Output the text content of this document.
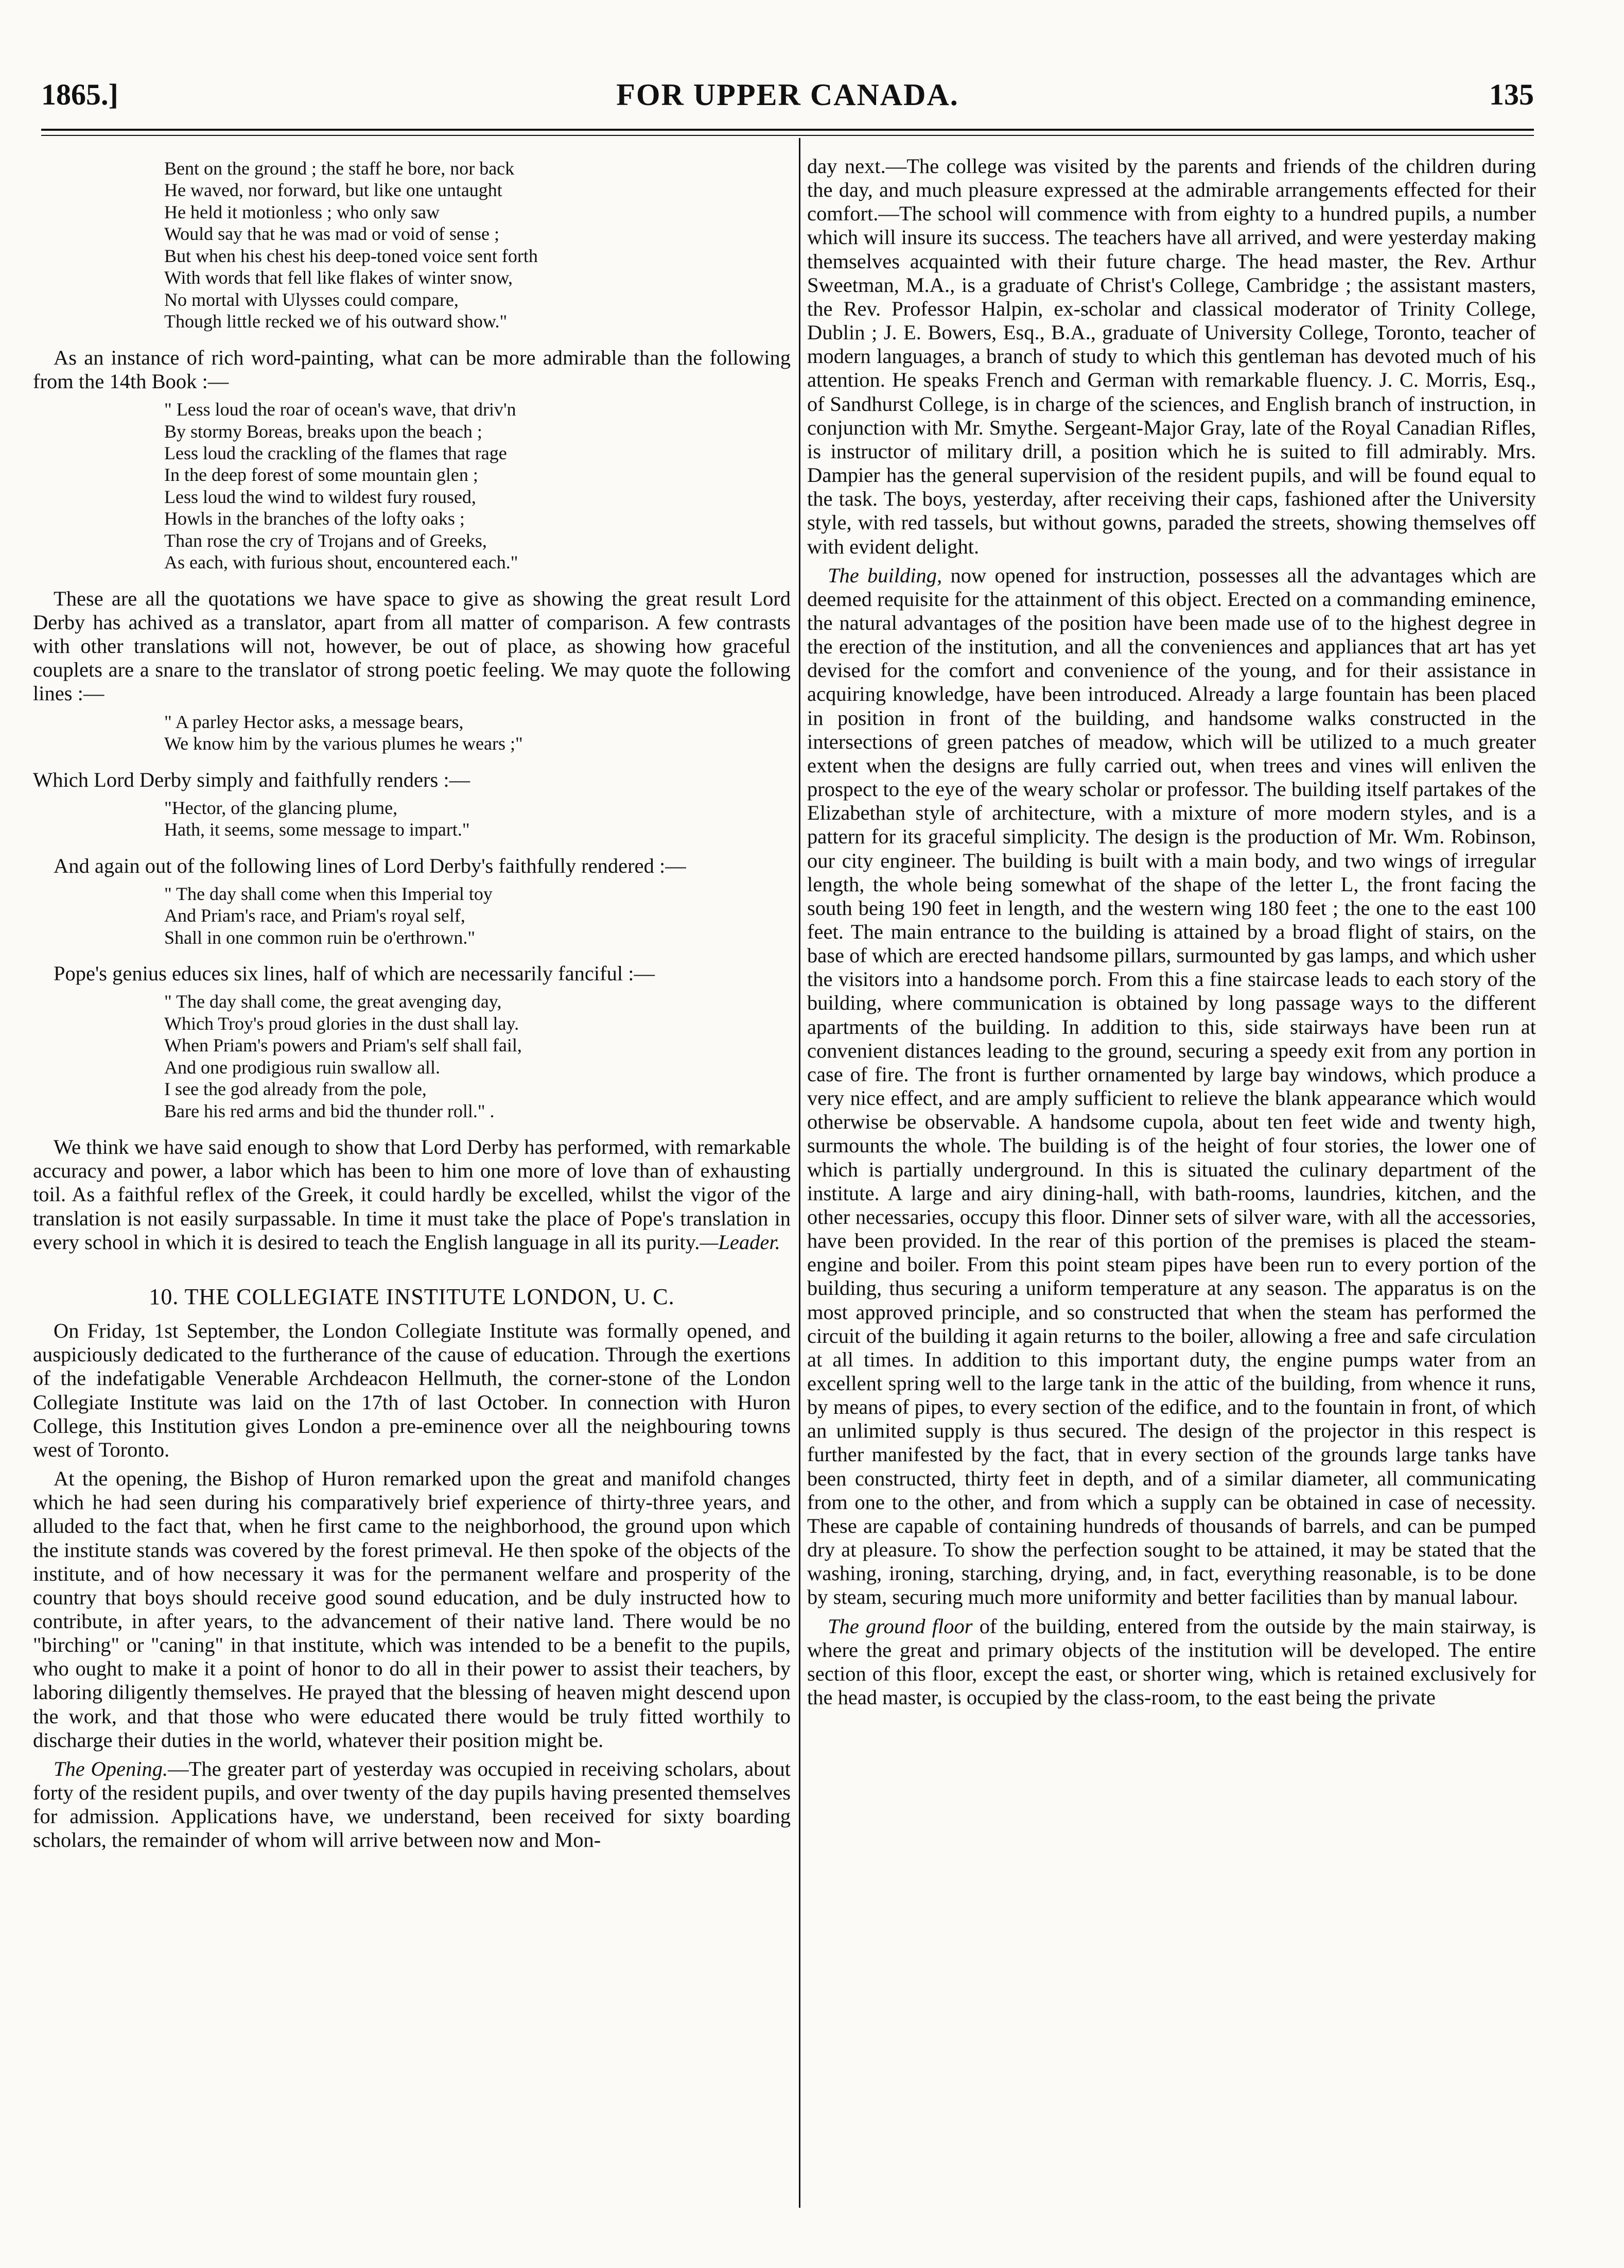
1865.]	FOR UPPER CANADA.	135
Bent on the ground ; the staff he bore, nor back
He waved, nor forward, but like one untaught
He held it motionless ; who only saw
Would say that he was mad or void of sense ;
But when his chest his deep-toned voice sent forth
With words that fell like flakes of winter snow,
No mortal with Ulysses could compare,
Though little recked we of his outward show."

As an instance of rich word-painting, what can be more admirable than the following from the 14th Book :—

" Less loud the roar of ocean's wave, that driv'n
By stormy Boreas, breaks upon the beach ;
Less loud the crackling of the flames that rage
In the deep forest of some mountain glen ;
Less loud the wind to wildest fury roused,
Howls in the branches of the lofty oaks ;
Than rose the cry of Trojans and of Greeks,
As each, with furious shout, encountered each."

These are all the quotations we have space to give as showing the great result Lord Derby has achived as a translator, apart from all matter of comparison. A few contrasts with other translations will not, however, be out of place, as showing how graceful couplets are a snare to the translator of strong poetic feeling. We may quote the following lines :—

" A parley Hector asks, a message bears,
We know him by the various plumes he wears ;"

Which Lord Derby simply and faithfully renders :—

"Hector, of the glancing plume,
Hath, it seems, some message to impart."

And again out of the following lines of Lord Derby's faithfully rendered :—

" The day shall come when this Imperial toy
And Priam's race, and Priam's royal self,
Shall in one common ruin be o'erthrown."

Pope's genius educes six lines, half of which are necessarily fanciful :—

" The day shall come, the great avenging day,
Which Troy's proud glories in the dust shall lay.
When Priam's powers and Priam's self shall fail,
And one prodigious ruin swallow all.
I see the god already from the pole,
Bare his red arms and bid the thunder roll." .

We think we have said enough to show that Lord Derby has performed, with remarkable accuracy and power, a labor which has been to him one more of love than of exhausting toil. As a faithful reflex of the Greek, it could hardly be excelled, whilst the vigor of the translation is not easily surpassable. In time it must take the place of Pope's translation in every school in which it is desired to teach the English language in all its purity.—Leader.

10. THE COLLEGIATE INSTITUTE LONDON, U. C.

On Friday, 1st September, the London Collegiate Institute was formally opened, and auspiciously dedicated to the furtherance of the cause of education. Through the exertions of the indefatigable Venerable Archdeacon Hellmuth, the corner-stone of the London Collegiate Institute was laid on the 17th of last October. In connection with Huron College, this Institution gives London a pre-eminence over all the neighbouring towns west of Toronto.

At the opening, the Bishop of Huron remarked upon the great and manifold changes which he had seen during his comparatively brief experience of thirty-three years, and alluded to the fact that, when he first came to the neighborhood, the ground upon which the institute stands was covered by the forest primeval. He then spoke of the objects of the institute, and of how necessary it was for the permanent welfare and prosperity of the country that boys should receive good sound education, and be duly instructed how to contribute, in after years, to the advancement of their native land. There would be no "birching" or "caning" in that institute, which was intended to be a benefit to the pupils, who ought to make it a point of honor to do all in their power to assist their teachers, by laboring diligently themselves. He prayed that the blessing of heaven might descend upon the work, and that those who were educated there would be truly fitted worthily to discharge their duties in the world, whatever their position might be.

The Opening.—The greater part of yesterday was occupied in receiving scholars, about forty of the resident pupils, and over twenty of the day pupils having presented themselves for admission. Applications have, we understand, been received for sixty boarding scholars, the remainder of whom will arrive between now and Mon-

day next.—The college was visited by the parents and friends of the children during the day, and much pleasure expressed at the admirable arrangements effected for their comfort.—The school will commence with from eighty to a hundred pupils, a number which will insure its success. The teachers have all arrived, and were yesterday making themselves acquainted with their future charge. The head master, the Rev. Arthur Sweetman, M.A., is a graduate of Christ's College, Cambridge ; the assistant masters, the Rev. Professor Halpin, ex-scholar and classical moderator of Trinity College, Dublin ; J. E. Bowers, Esq., B.A., graduate of University College, Toronto, teacher of modern languages, a branch of study to which this gentleman has devoted much of his attention. He speaks French and German with remarkable fluency. J. C. Morris, Esq., of Sandhurst College, is in charge of the sciences, and English branch of instruction, in conjunction with Mr. Smythe. Sergeant-Major Gray, late of the Royal Canadian Rifles, is instructor of military drill, a position which he is suited to fill admirably. Mrs. Dampier has the general supervision of the resident pupils, and will be found equal to the task. The boys, yesterday, after receiving their caps, fashioned after the University style, with red tassels, but without gowns, paraded the streets, showing themselves off with evident delight.

The building, now opened for instruction, possesses all the advantages which are deemed requisite for the attainment of this object. Erected on a commanding eminence, the natural advantages of the position have been made use of to the highest degree in the erection of the institution, and all the conveniences and appliances that art has yet devised for the comfort and convenience of the young, and for their assistance in acquiring knowledge, have been introduced. Already a large fountain has been placed in position in front of the building, and handsome walks constructed in the intersections of green patches of meadow, which will be utilized to a much greater extent when the designs are fully carried out, when trees and vines will enliven the prospect to the eye of the weary scholar or professor. The building itself partakes of the Elizabethan style of architecture, with a mixture of more modern styles, and is a pattern for its graceful simplicity. The design is the production of Mr. Wm. Robinson, our city engineer. The building is built with a main body, and two wings of irregular length, the whole being somewhat of the shape of the letter L, the front facing the south being 190 feet in length, and the western wing 180 feet ; the one to the east 100 feet. The main entrance to the building is attained by a broad flight of stairs, on the base of which are erected handsome pillars, surmounted by gas lamps, and which usher the visitors into a handsome porch. From this a fine staircase leads to each story of the building, where communication is obtained by long passage ways to the different apartments of the building. In addition to this, side stairways have been run at convenient distances leading to the ground, securing a speedy exit from any portion in case of fire. The front is further ornamented by large bay windows, which produce a very nice effect, and are amply sufficient to relieve the blank appearance which would otherwise be observable. A handsome cupola, about ten feet wide and twenty high, surmounts the whole. The building is of the height of four stories, the lower one of which is partially underground. In this is situated the culinary department of the institute. A large and airy dining-hall, with bath-rooms, laundries, kitchen, and the other necessaries, occupy this floor. Dinner sets of silver ware, with all the accessories, have been provided. In the rear of this portion of the premises is placed the steam-engine and boiler. From this point steam pipes have been run to every portion of the building, thus securing a uniform temperature at any season. The apparatus is on the most approved principle, and so constructed that when the steam has performed the circuit of the building it again returns to the boiler, allowing a free and safe circulation at all times. In addition to this important duty, the engine pumps water from an excellent spring well to the large tank in the attic of the building, from whence it runs, by means of pipes, to every section of the edifice, and to the fountain in front, of which an unlimited supply is thus secured. The design of the projector in this respect is further manifested by the fact, that in every section of the grounds large tanks have been constructed, thirty feet in depth, and of a similar diameter, all communicating from one to the other, and from which a supply can be obtained in case of necessity. These are capable of containing hundreds of thousands of barrels, and can be pumped dry at pleasure. To show the perfection sought to be attained, it may be stated that the washing, ironing, starching, drying, and, in fact, everything reasonable, is to be done by steam, securing much more uniformity and better facilities than by manual labour.

The ground floor of the building, entered from the outside by the main stairway, is where the great and primary objects of the institution will be developed. The entire section of this floor, except the east, or shorter wing, which is retained exclusively for the head master, is occupied by the class-room, to the east being the private
